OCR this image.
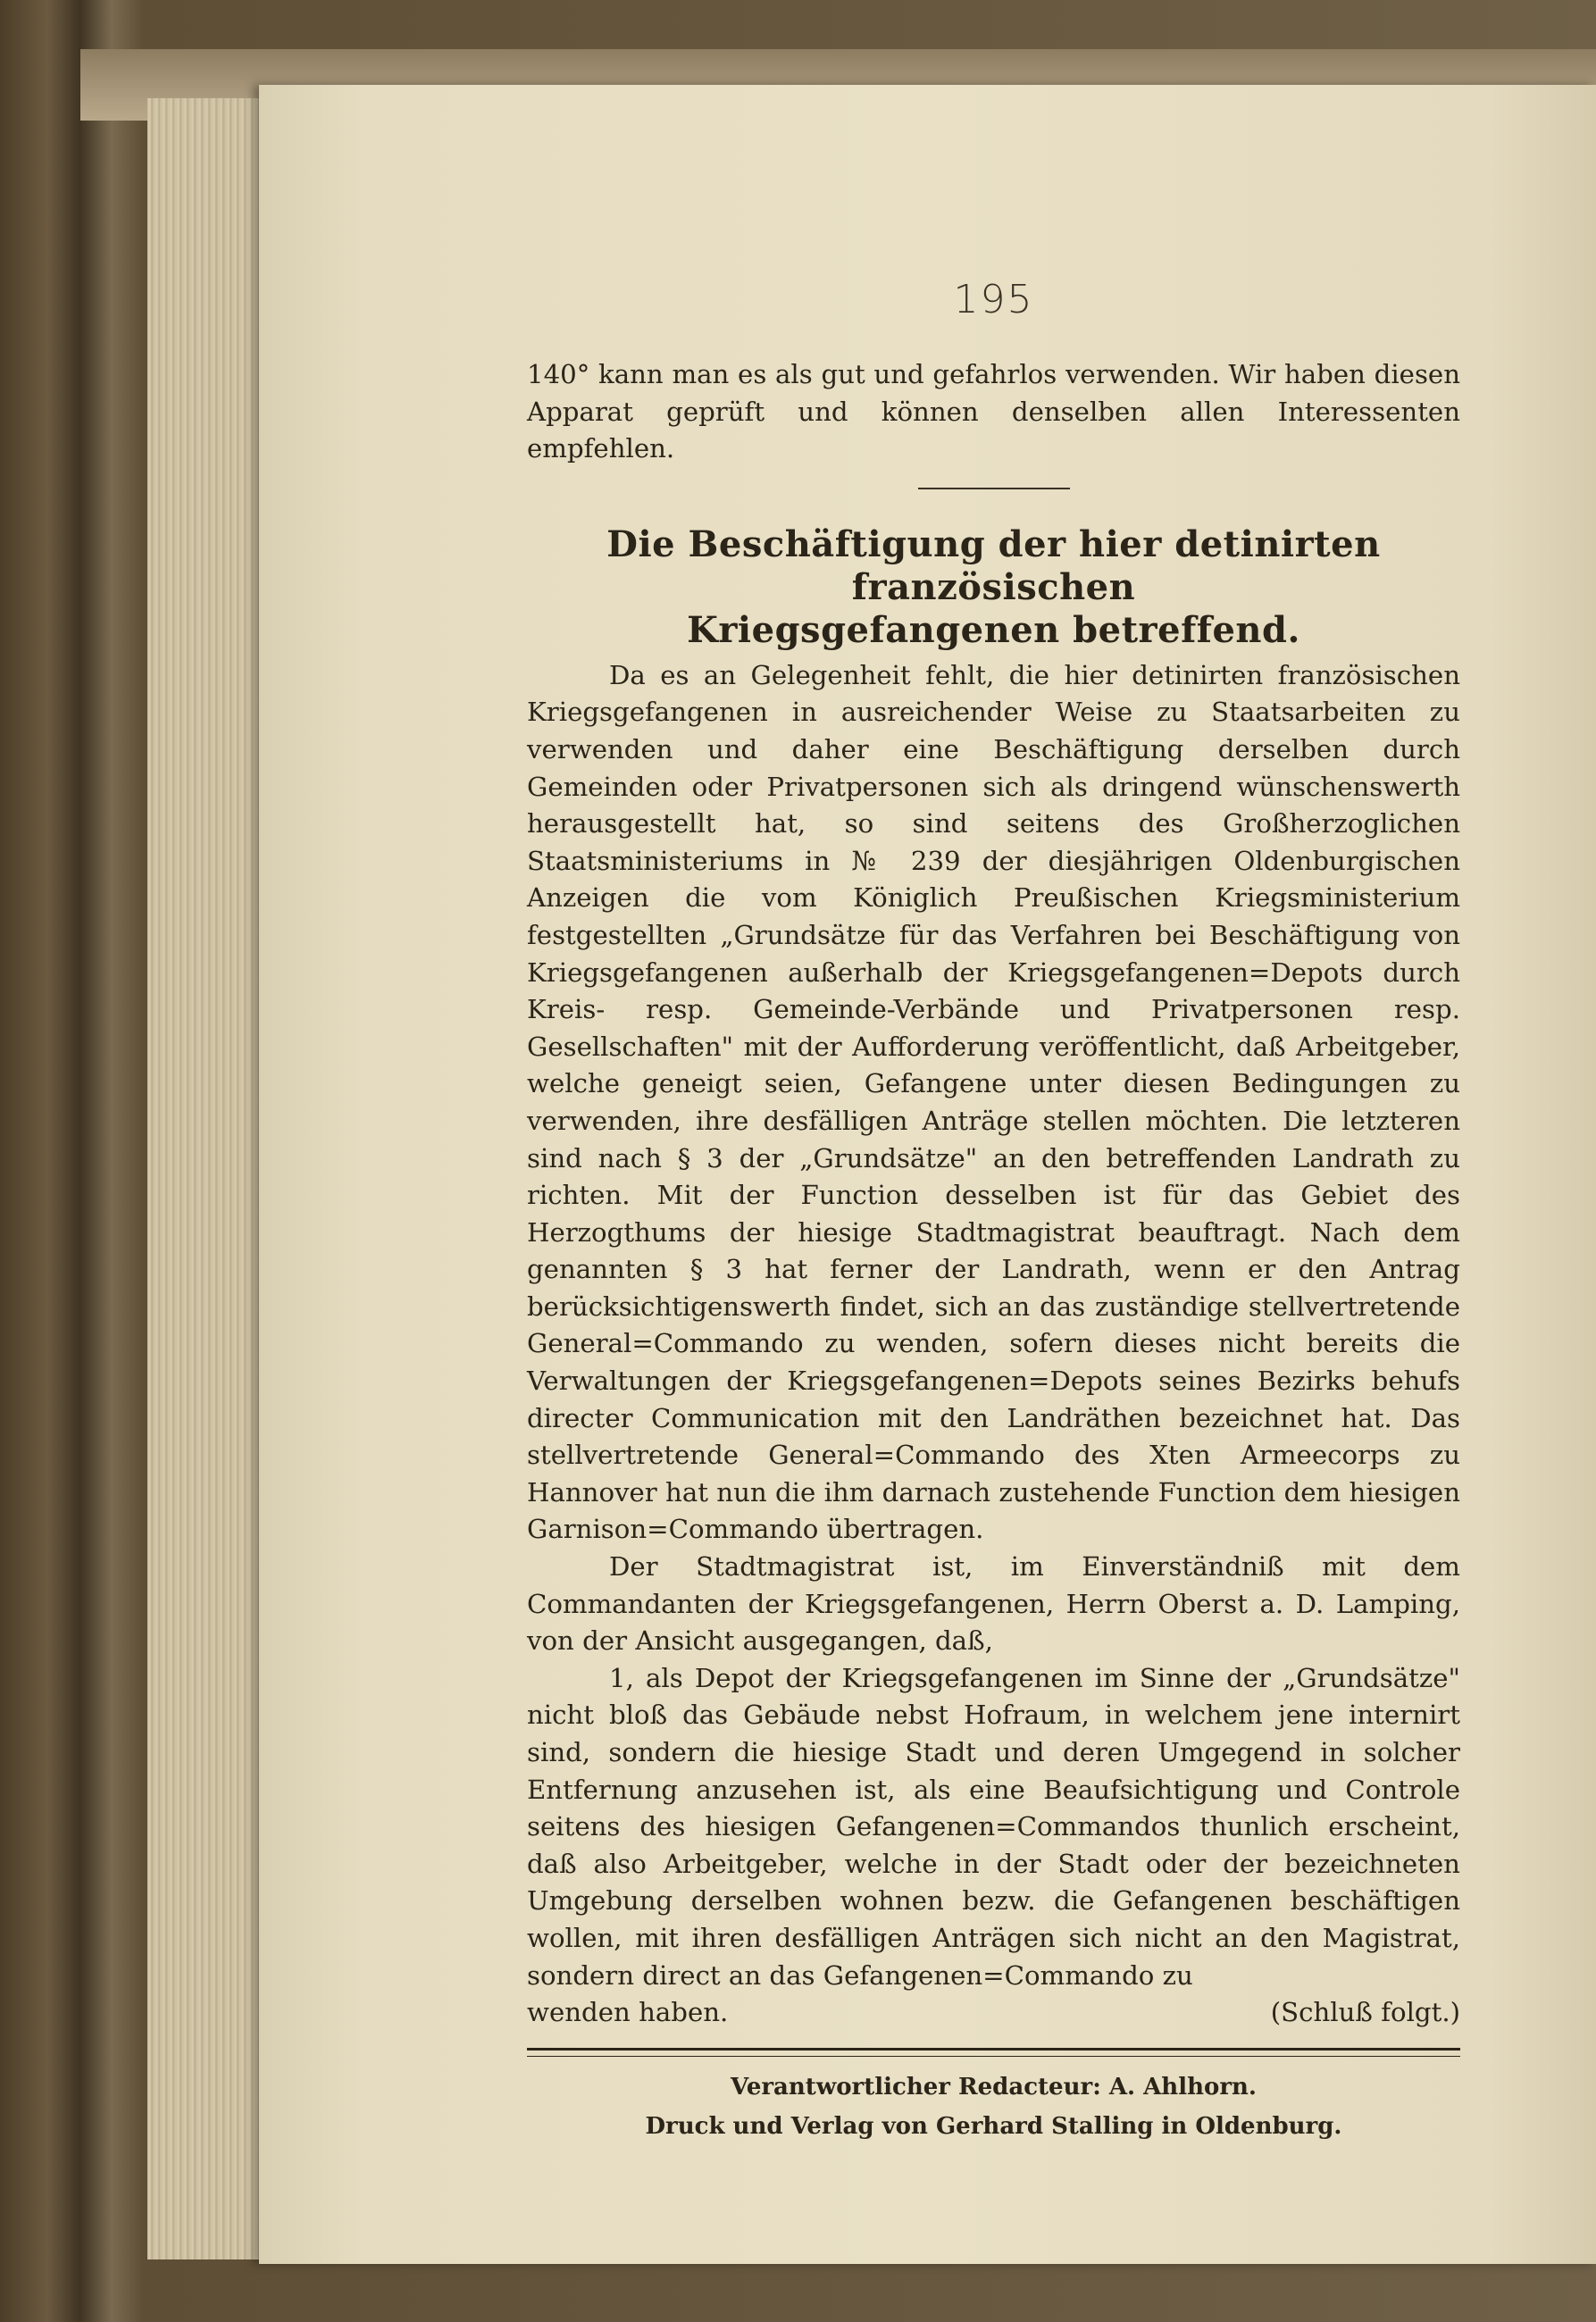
195

140° kann man es als gut und gefahrlos verwenden. Wir haben diesen Apparat geprüft und können denselben allen Interessenten empfehlen.

Die Beschäftigung der hier detinirten französischen
Kriegsgefangenen betreffend.

Da es an Gelegenheit fehlt, die hier detinirten französischen Kriegsgefangenen in ausreichender Weise zu Staatsarbeiten zu verwenden und daher eine Beschäftigung derselben durch Gemeinden oder Privatpersonen sich als dringend wünschenswerth herausgestellt hat, so sind seitens des Großherzoglichen Staatsministeriums in № 239 der diesjährigen Oldenburgischen Anzeigen die vom Königlich Preußischen Kriegsministerium festgestellten „Grundsätze für das Verfahren bei Beschäftigung von Kriegsgefangenen außerhalb der Kriegsgefangenen=Depots durch Kreis- resp. Gemeinde-Verbände und Privatpersonen resp. Gesellschaften" mit der Aufforderung veröffentlicht, daß Arbeitgeber, welche geneigt seien, Gefangene unter diesen Bedingungen zu verwenden, ihre desfälligen Anträge stellen möchten. Die letzteren sind nach § 3 der „Grundsätze" an den betreffenden Landrath zu richten. Mit der Function desselben ist für das Gebiet des Herzogthums der hiesige Stadtmagistrat beauftragt. Nach dem genannten § 3 hat ferner der Landrath, wenn er den Antrag berücksichtigenswerth findet, sich an das zuständige stellvertretende General=Commando zu wenden, sofern dieses nicht bereits die Verwaltungen der Kriegsgefangenen=Depots seines Bezirks behufs directer Communication mit den Landräthen bezeichnet hat. Das stellvertretende General=Commando des Xten Armeecorps zu Hannover hat nun die ihm darnach zustehende Function dem hiesigen Garnison=Commando übertragen.

Der Stadtmagistrat ist, im Einverständniß mit dem Commandanten der Kriegsgefangenen, Herrn Oberst a. D. Lamping, von der Ansicht ausgegangen, daß,

1, als Depot der Kriegsgefangenen im Sinne der „Grundsätze" nicht bloß das Gebäude nebst Hofraum, in welchem jene internirt sind, sondern die hiesige Stadt und deren Umgegend in solcher Entfernung anzusehen ist, als eine Beaufsichtigung und Controle seitens des hiesigen Gefangenen=Commandos thunlich erscheint, daß also Arbeitgeber, welche in der Stadt oder der bezeichneten Umgebung derselben wohnen bezw. die Gefangenen beschäftigen wollen, mit ihren desfälligen Anträgen sich nicht an den Magistrat, sondern direct an das Gefangenen=Commando zu

wenden haben.	(Schluß folgt.)
Verantwortlicher Redacteur: A. Ahlhorn.
Druck und Verlag von Gerhard Stalling in Oldenburg.
